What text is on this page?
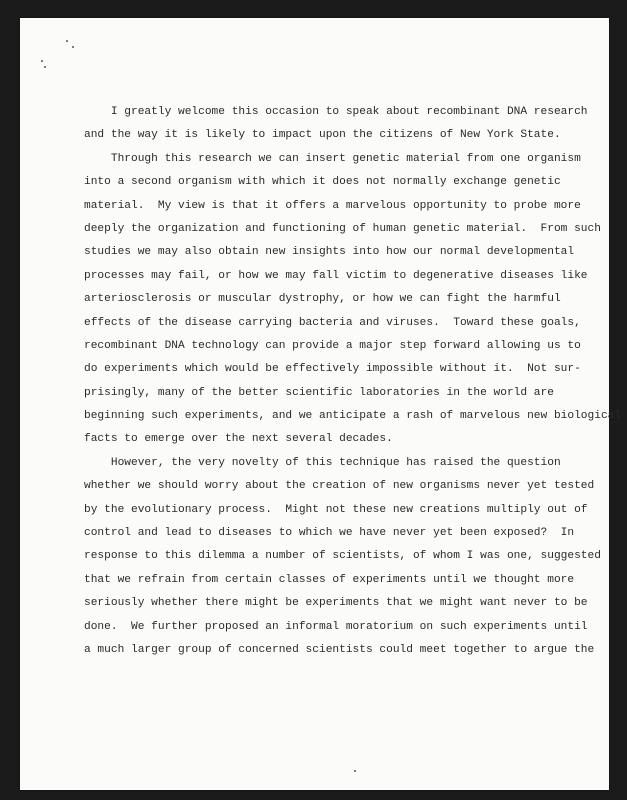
I greatly welcome this occasion to speak about recombinant DNA research
and the way it is likely to impact upon the citizens of New York State.
Through this research we can insert genetic material from one organism
into a second organism with which it does not normally exchange genetic
material.  My view is that it offers a marvelous opportunity to probe more
deeply the organization and functioning of human genetic material.  From such
studies we may also obtain new insights into how our normal developmental
processes may fail, or how we may fall victim to degenerative diseases like
arteriosclerosis or muscular dystrophy, or how we can fight the harmful
effects of the disease carrying bacteria and viruses.  Toward these goals,
recombinant DNA technology can provide a major step forward allowing us to
do experiments which would be effectively impossible without it.  Not sur-
prisingly, many of the better scientific laboratories in the world are
beginning such experiments, and we anticipate a rash of marvelous new biological
facts to emerge over the next several decades.
However, the very novelty of this technique has raised the question
whether we should worry about the creation of new organisms never yet tested
by the evolutionary process.  Might not these new creations multiply out of
control and lead to diseases to which we have never yet been exposed?  In
response to this dilemma a number of scientists, of whom I was one, suggested
that we refrain from certain classes of experiments until we thought more
seriously whether there might be experiments that we might want never to be
done.  We further proposed an informal moratorium on such experiments until
a much larger group of concerned scientists could meet together to argue the
